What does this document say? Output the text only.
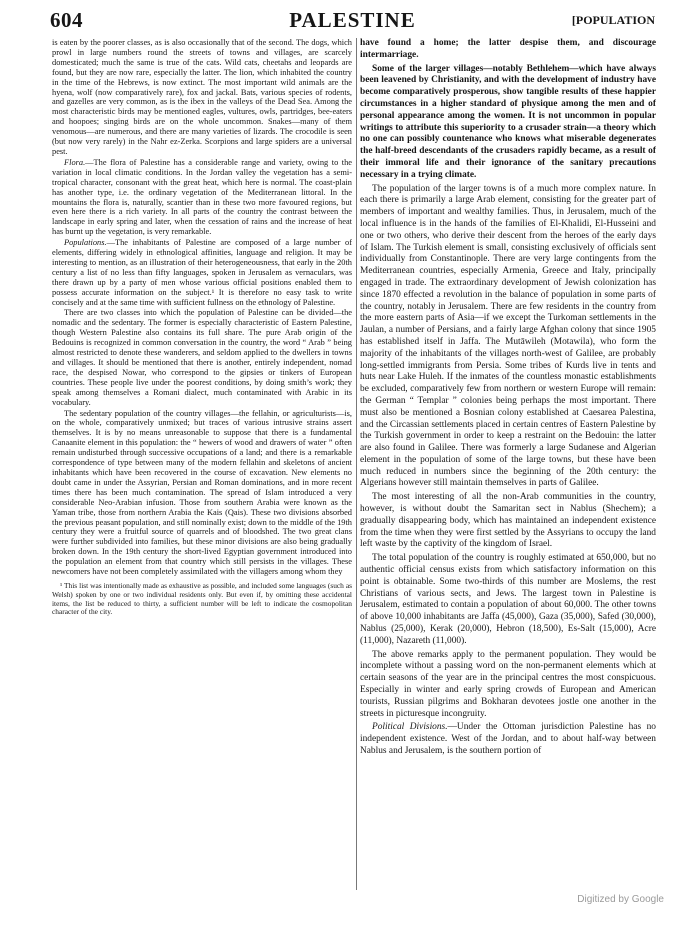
PALESTINE
604	[POPULATION

is eaten by the poorer classes, as is also occasionally that of the second. The dogs, which prowl in large numbers round the streets of towns and villages, are scarcely domesticated; much the same is true of the cats. Wild cats, cheetahs and leopards are found, but they are now rare, especially the latter. The lion, which inhabited the country in the time of the Hebrews, is now extinct. The most important wild animals are the hyena, wolf (now comparatively rare), fox and jackal. Bats, various species of rodents, and gazelles are very common, as is the ibex in the valleys of the Dead Sea. Among the most characteristic birds may be mentioned eagles, vultures, owls, partridges, bee-eaters and hoopoes; singing birds are on the whole uncommon. Snakes—many of them venomous—are numerous, and there are many varieties of lizards. The crocodile is seen (but now very rarely) in the Nahr ez-Zerka. Scorpions and large spiders are a universal pest.

Flora.—The flora of Palestine has a considerable range and variety, owing to the variation in local climatic conditions. In the Jordan valley the vegetation has a semi-tropical character, consonant with the great heat, which here is normal. The coast-plain has another type, i.e. the ordinary vegetation of the Mediterranean littoral. In the mountains the flora is, naturally, scantier than in these two more favoured regions, but even here there is a rich variety. In all parts of the country the contrast between the landscape in early spring and later, when the cessation of rains and the increase of heat has burnt up the vegetation, is very remarkable.

Populations.—The inhabitants of Palestine are composed of a large number of elements, differing widely in ethnological affinities, language and religion. It may be interesting to mention, as an illustration of their heterogeneousness, that early in the 20th century a list of no less than fifty languages, spoken in Jerusalem as vernaculars, was there drawn up by a party of men whose various official positions enabled them to possess accurate information on the subject.¹ It is therefore no easy task to write concisely and at the same time with sufficient fullness on the ethnology of Palestine.

There are two classes into which the population of Palestine can be divided—the nomadic and the sedentary. The former is especially characteristic of Eastern Palestine, though Western Palestine also contains its full share. The pure Arab origin of the Bedouins is recognized in common conversation in the country, the word “ Arab ” being almost restricted to denote these wanderers, and seldom applied to the dwellers in towns and villages. It should be mentioned that there is another, entirely independent, nomad race, the despised Nowar, who correspond to the gipsies or tinkers of European countries. These people live under the poorest conditions, by doing smith’s work; they speak among themselves a Romani dialect, much contaminated with Arabic in its vocabulary.

The sedentary population of the country villages—the fellahin, or agriculturists—is, on the whole, comparatively unmixed; but traces of various intrusive strains assert themselves. It is by no means unreasonable to suppose that there is a fundamental Canaanite element in this population: the “ hewers of wood and drawers of water ” often remain undisturbed through successive occupations of a land; and there is a remarkable correspondence of type between many of the modern fellahin and skeletons of ancient inhabitants which have been recovered in the course of excavation. New elements no doubt came in under the Assyrian, Persian and Roman dominations, and in more recent times there has been much contamination. The spread of Islam introduced a very considerable Neo-Arabian infusion. Those from southern Arabia were known as the Yaman tribe, those from northern Arabia the Kais (Qais). These two divisions absorbed the previous peasant population, and still nominally exist; down to the middle of the 19th century they were a fruitful source of quarrels and of bloodshed. The two great clans were further subdivided into families, but these minor divisions are also being gradually broken down. In the 19th century the short-lived Egyptian government introduced into the population an element from that country which still persists in the villages. These newcomers have not been completely assimilated with the villagers among whom they

¹ This list was intentionally made as exhaustive as possible, and included some languages (such as Welsh) spoken by one or two individual residents only. But even if, by omitting these accidental items, the list be reduced to thirty, a sufficient number will be left to indicate the cosmopolitan character of the city.

have found a home; the latter despise them, and discourage intermarriage.

Some of the larger villages—notably Bethlehem—which have always been leavened by Christianity, and with the development of industry have become comparatively prosperous, show tangible results of these happier circumstances in a higher standard of physique among the men and of personal appearance among the women. It is not uncommon in popular writings to attribute this superiority to a crusader strain—a theory which no one can possibly countenance who knows what miserable degenerates the half-breed descendants of the crusaders rapidly became, as a result of their immoral life and their ignorance of the sanitary precautions necessary in a trying climate.

The population of the larger towns is of a much more complex nature. In each there is primarily a large Arab element, consisting for the greater part of members of important and wealthy families. Thus, in Jerusalem, much of the local influence is in the hands of the families of El-Khalidi, El-Husseini and one or two others, who derive their descent from the heroes of the early days of Islam. The Turkish element is small, consisting exclusively of officials sent individually from Constantinople. There are very large contingents from the Mediterranean countries, especially Armenia, Greece and Italy, principally engaged in trade. The extraordinary development of Jewish colonization has since 1870 effected a revolution in the balance of population in some parts of the country, notably in Jerusalem. There are few residents in the country from the more eastern parts of Asia—if we except the Turkoman settlements in the Jaulan, a number of Persians, and a fairly large Afghan colony that since 1905 has established itself in Jaffa. The Mutāwileh (Motawila), who form the majority of the inhabitants of the villages north-west of Galilee, are probably long-settled immigrants from Persia. Some tribes of Kurds live in tents and huts near Lake Huleh. If the inmates of the countless monastic establishments be excluded, comparatively few from northern or western Europe will remain: the German “ Templar ” colonies being perhaps the most important. There must also be mentioned a Bosnian colony established at Caesarea Palestina, and the Circassian settlements placed in certain centres of Eastern Palestine by the Turkish government in order to keep a restraint on the Bedouin: the latter are also found in Galilee. There was formerly a large Sudanese and Algerian element in the population of some of the large towns, but these have been much reduced in numbers since the beginning of the 20th century: the Algerians however still maintain themselves in parts of Galilee.

The most interesting of all the non-Arab communities in the country, however, is without doubt the Samaritan sect in Nablus (Shechem); a gradually disappearing body, which has maintained an independent existence from the time when they were first settled by the Assyrians to occupy the land left waste by the captivity of the kingdom of Israel.

The total population of the country is roughly estimated at 650,000, but no authentic official census exists from which satisfactory information on this point is obtainable. Some two-thirds of this number are Moslems, the rest Christians of various sects, and Jews. The largest town in Palestine is Jerusalem, estimated to contain a population of about 60,000. The other towns of above 10,000 inhabitants are Jaffa (45,000), Gaza (35,000), Safed (30,000), Nablus (25,000), Kerak (20,000), Hebron (18,500), Es-Salt (15,000), Acre (11,000), Nazareth (11,000).

The above remarks apply to the permanent population. They would be incomplete without a passing word on the non-permanent elements which at certain seasons of the year are in the principal centres the most conspicuous. Especially in winter and early spring crowds of European and American tourists, Russian pilgrims and Bokharan devotees jostle one another in the streets in picturesque incongruity.

Political Divisions.—Under the Ottoman jurisdiction Palestine has no independent existence. West of the Jordan, and to about half-way between Nablus and Jerusalem, is the southern portion of

Digitized by Google
